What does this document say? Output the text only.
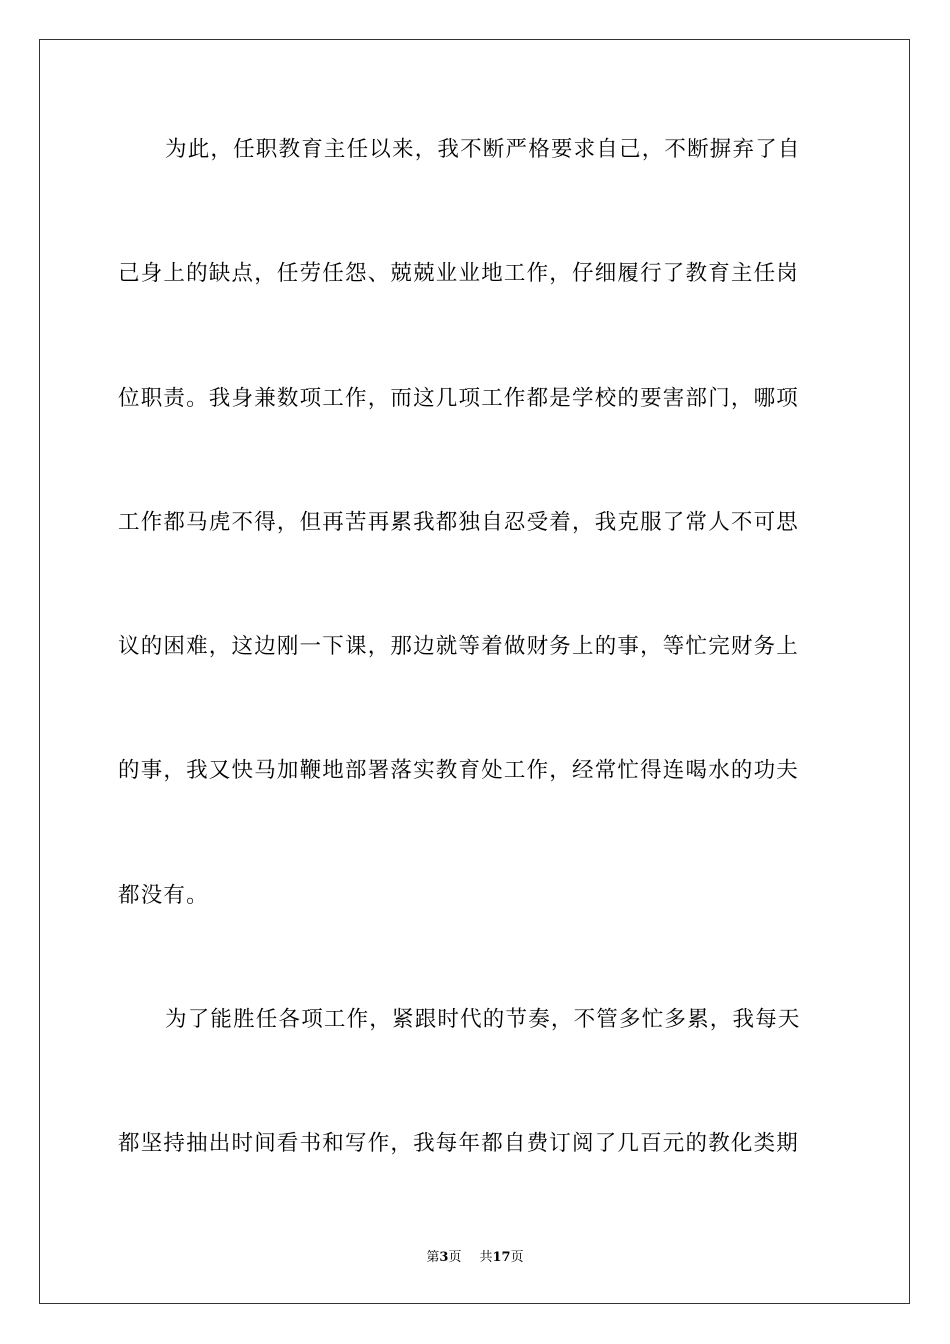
为此，任职教育主任以来，我不断严格要求自己，不断摒弃了自
己身上的缺点，任劳任怨、兢兢业业地工作，仔细履行了教育主任岗
位职责。我身兼数项工作，而这几项工作都是学校的要害部门，哪项
工作都马虎不得，但再苦再累我都独自忍受着，我克服了常人不可思
议的困难，这边刚一下课，那边就等着做财务上的事，等忙完财务上
的事，我又快马加鞭地部署落实教育处工作，经常忙得连喝水的功夫
都没有。
为了能胜任各项工作，紧跟时代的节奏，不管多忙多累，我每天
都坚持抽出时间看书和写作，我每年都自费订阅了几百元的教化类期
第3页 共17页
